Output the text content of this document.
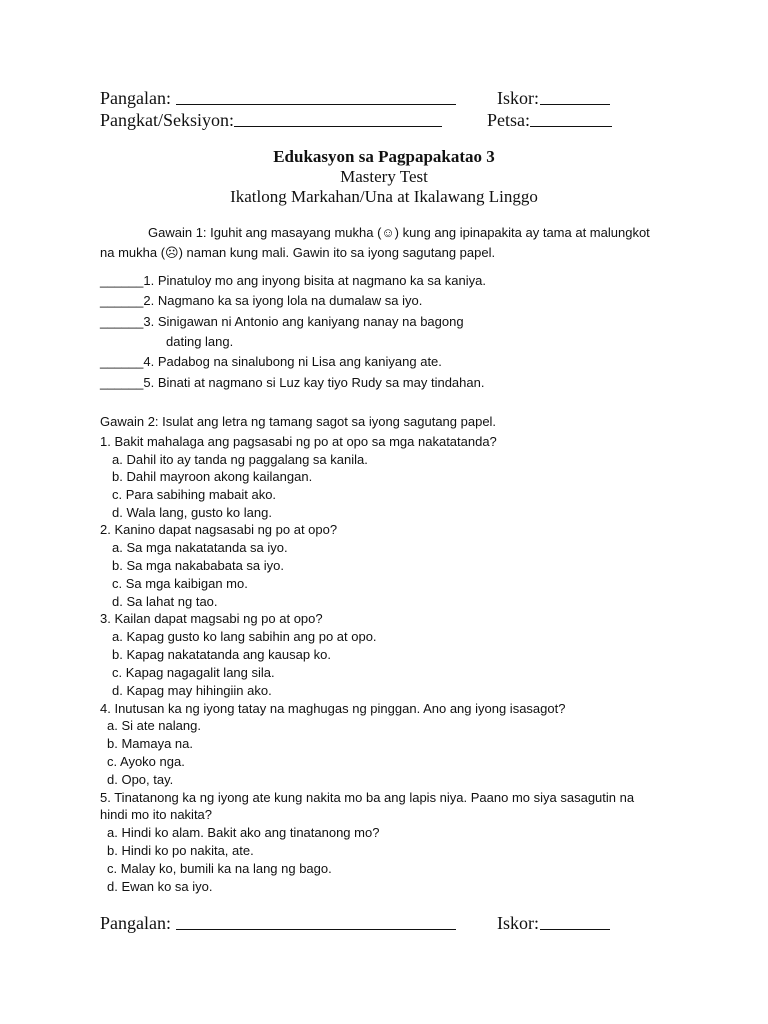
Pangalan:	Iskor:
Pangkat/Seksiyon:	Petsa:
Edukasyon sa Pagpapakatao 3
Mastery Test
Ikatlong Markahan/Una at Ikalawang Linggo
Gawain 1: Iguhit ang masayang mukha (☺) kung ang ipinapakita ay tama at malungkot
na mukha (☹) naman kung mali. Gawin ito sa iyong sagutang papel.
______1. Pinatuloy mo ang inyong bisita at nagmano ka sa kaniya.
______2. Nagmano ka sa iyong lola na dumalaw sa iyo.
______3. Sinigawan ni Antonio ang kaniyang nanay na bagong
dating lang.
______4. Padabog na sinalubong ni Lisa ang kaniyang ate.
______5. Binati at nagmano si Luz kay tiyo Rudy sa may tindahan.
Gawain 2: Isulat ang letra ng tamang sagot sa iyong sagutang papel.
1. Bakit mahalaga ang pagsasabi ng po at opo sa mga nakatatanda?
a. Dahil ito ay tanda ng paggalang sa kanila.
b. Dahil mayroon akong kailangan.
c. Para sabihing mabait ako.
d. Wala lang, gusto ko lang.
2. Kanino dapat nagsasabi ng po at opo?
a. Sa mga nakatatanda sa iyo.
b. Sa mga nakababata sa iyo.
c. Sa mga kaibigan mo.
d. Sa lahat ng tao.
3. Kailan dapat magsabi ng po at opo?
a. Kapag gusto ko lang sabihin ang po at opo.
b. Kapag nakatatanda ang kausap ko.
c. Kapag nagagalit lang sila.
d. Kapag may hihingiin ako.
4. Inutusan ka ng iyong tatay na maghugas ng pinggan. Ano ang iyong isasagot?
a. Si ate nalang.
b. Mamaya na.
c. Ayoko nga.
d. Opo, tay.
5. Tinatanong ka ng iyong ate kung nakita mo ba ang lapis niya. Paano mo siya sasagutin na
hindi mo ito nakita?
a. Hindi ko alam. Bakit ako ang tinatanong mo?
b. Hindi ko po nakita, ate.
c. Malay ko, bumili ka na lang ng bago.
d. Ewan ko sa iyo.
Pangalan:	Iskor:
